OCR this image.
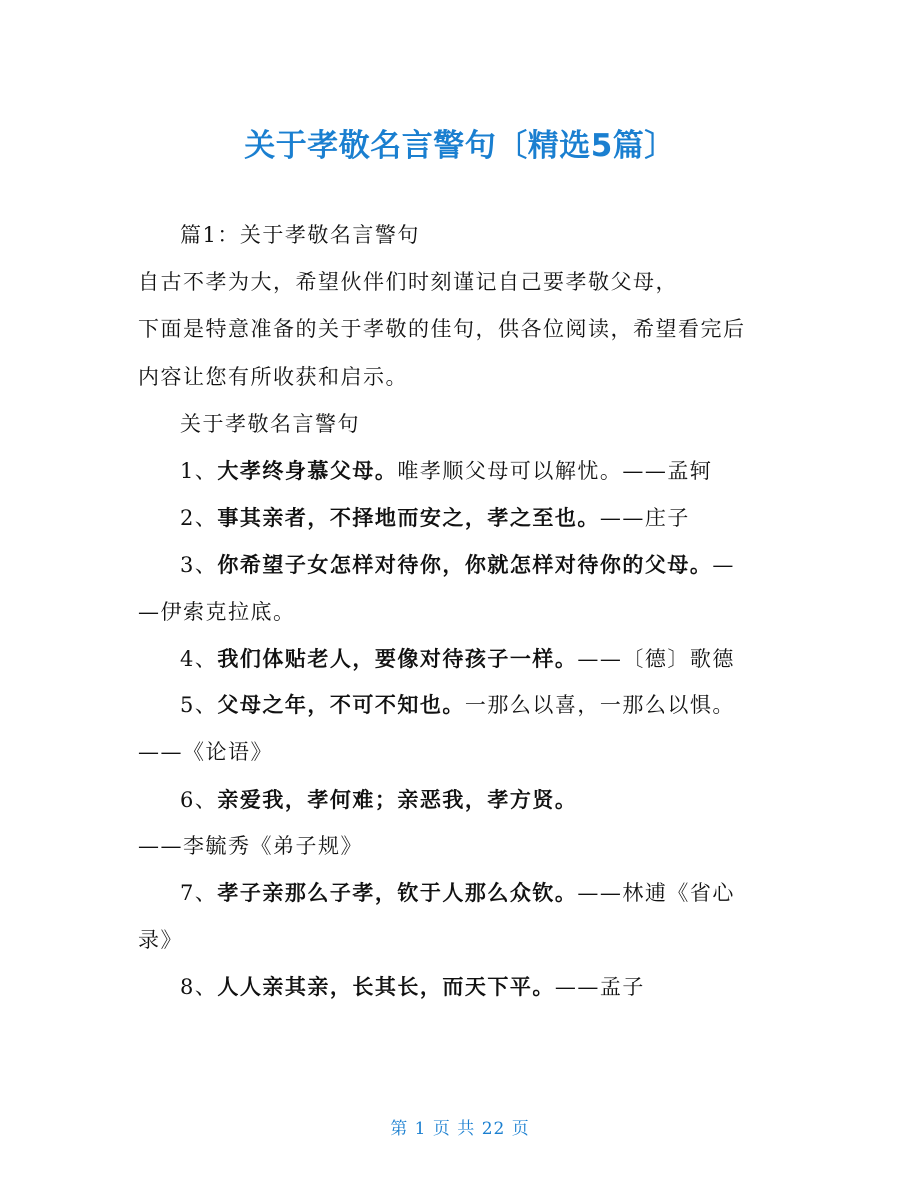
关于孝敬名言警句〔精选5篇〕
篇1：关于孝敬名言警句
自古不孝为大，希望伙伴们时刻谨记自己要孝敬父母，
下面是特意准备的关于孝敬的佳句，供各位阅读，希望看完后
内容让您有所收获和启示。
关于孝敬名言警句
1、大孝终身慕父母。唯孝顺父母可以解忧。——孟轲
2、事其亲者，不择地而安之，孝之至也。——庄子
3、你希望子女怎样对待你，你就怎样对待你的父母。—
—伊索克拉底。
4、我们体贴老人，要像对待孩子一样。——〔德〕歌德
5、父母之年，不可不知也。一那么以喜，一那么以惧。
——《论语》
6、亲爱我，孝何难；亲恶我，孝方贤。
——李毓秀《弟子规》
7、孝子亲那么子孝，钦于人那么众钦。——林逋《省心
录》
8、人人亲其亲，长其长，而天下平。——孟子
第 1 页 共 22 页
